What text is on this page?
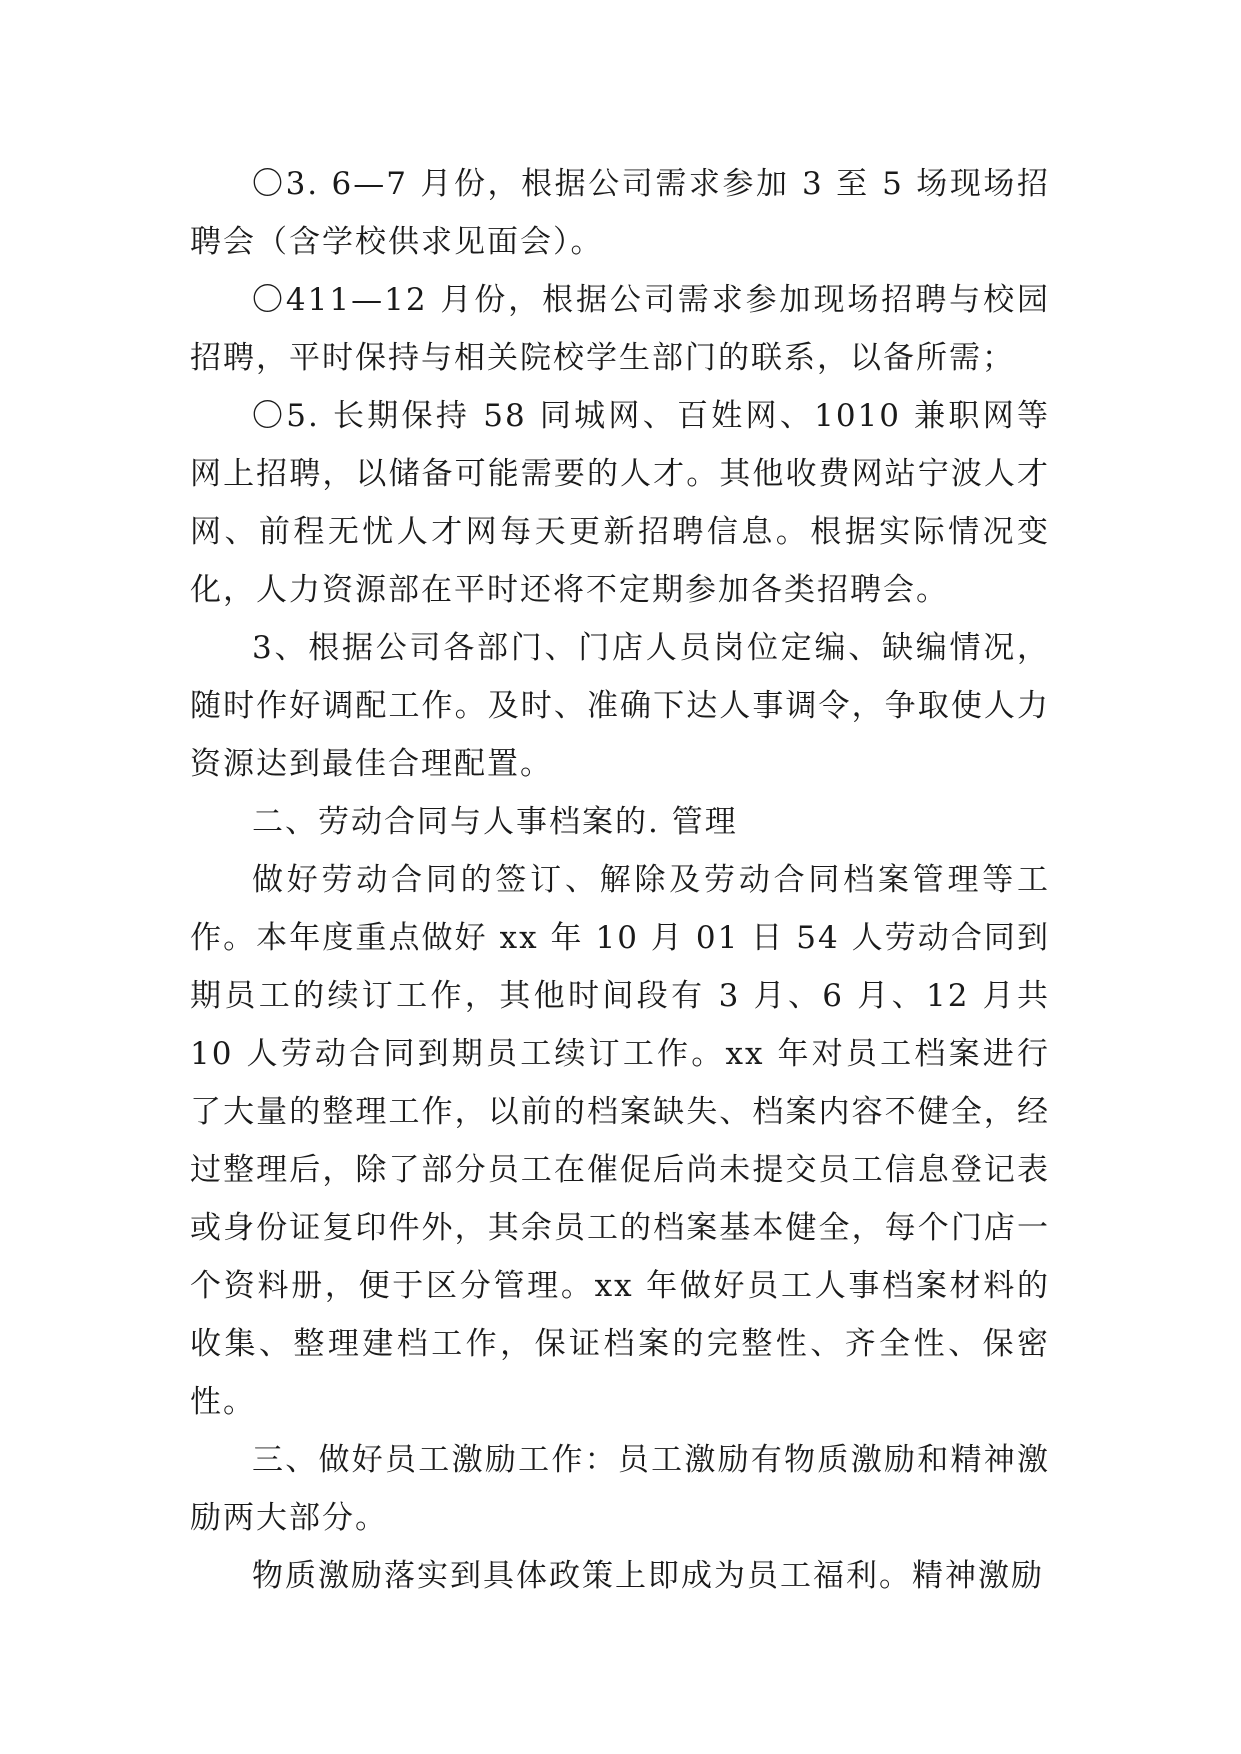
〇3. 6—7 月份，根据公司需求参加 3 至 5 场现场招聘会（含学校供求见面会）。

〇411—12 月份，根据公司需求参加现场招聘与校园招聘，平时保持与相关院校学生部门的联系，以备所需；

〇5. 长期保持 58 同城网、百姓网、1010 兼职网等网上招聘，以储备可能需要的人才。其他收费网站宁波人才网、前程无忧人才网每天更新招聘信息。根据实际情况变化，人力资源部在平时还将不定期参加各类招聘会。

3、根据公司各部门、门店人员岗位定编、缺编情况，随时作好调配工作。及时、准确下达人事调令，争取使人力资源达到最佳合理配置。

二、劳动合同与人事档案的. 管理

做好劳动合同的签订、解除及劳动合同档案管理等工作。本年度重点做好 xx 年 10 月 01 日 54 人劳动合同到期员工的续订工作，其他时间段有 3 月、6 月、12 月共 10 人劳动合同到期员工续订工作。xx 年对员工档案进行了大量的整理工作，以前的档案缺失、档案内容不健全，经过整理后，除了部分员工在催促后尚未提交员工信息登记表或身份证复印件外，其余员工的档案基本健全，每个门店一个资料册，便于区分管理。xx 年做好员工人事档案材料的收集、整理建档工作，保证档案的完整性、齐全性、保密性。

三、做好员工激励工作：员工激励有物质激励和精神激励两大部分。

物质激励落实到具体政策上即成为员工福利。精神激励
